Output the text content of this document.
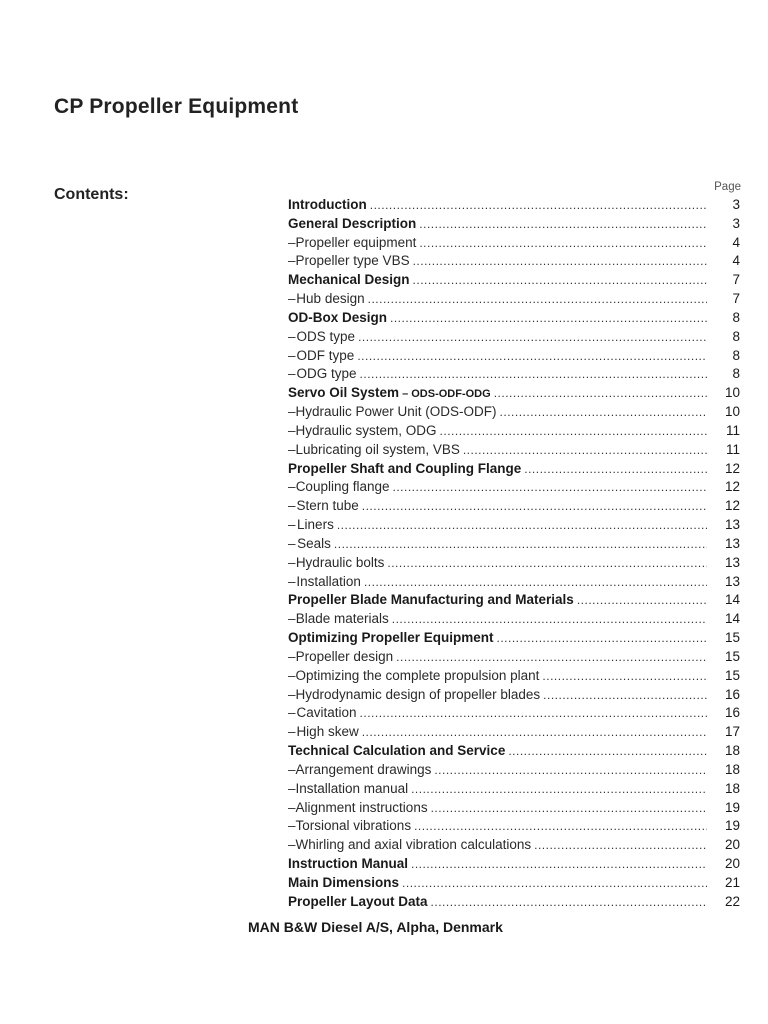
CP Propeller Equipment
Contents:	Page
Introduction .....	3
General Description .....	3
– Propeller equipment .....	4
– Propeller type VBS .....	4
Mechanical Design .....	7
– Hub design .....	7
OD-Box Design .....	8
– ODS type .....	8
– ODF type .....	8
– ODG type .....	8
Servo Oil System – ODS-ODF-ODG .....	10
– Hydraulic Power Unit (ODS-ODF) .....	10
– Hydraulic system, ODG .....	11
– Lubricating oil system, VBS .....	11
Propeller Shaft and Coupling Flange .....	12
– Coupling flange .....	12
– Stern tube .....	12
– Liners .....	13
– Seals .....	13
– Hydraulic bolts .....	13
– Installation .....	13
Propeller Blade Manufacturing and Materials .....	14
– Blade materials .....	14
Optimizing Propeller Equipment .....	15
– Propeller design .....	15
– Optimizing the complete propulsion plant .....	15
– Hydrodynamic design of propeller blades .....	16
– Cavitation .....	16
– High skew .....	17
Technical Calculation and Service .....	18
– Arrangement drawings .....	18
– Installation manual .....	18
– Alignment instructions .....	19
– Torsional vibrations .....	19
– Whirling and axial vibration calculations .....	20
Instruction Manual .....	20
Main Dimensions .....	21
Propeller Layout Data .....	22
MAN B&W Diesel A/S, Alpha, Denmark
